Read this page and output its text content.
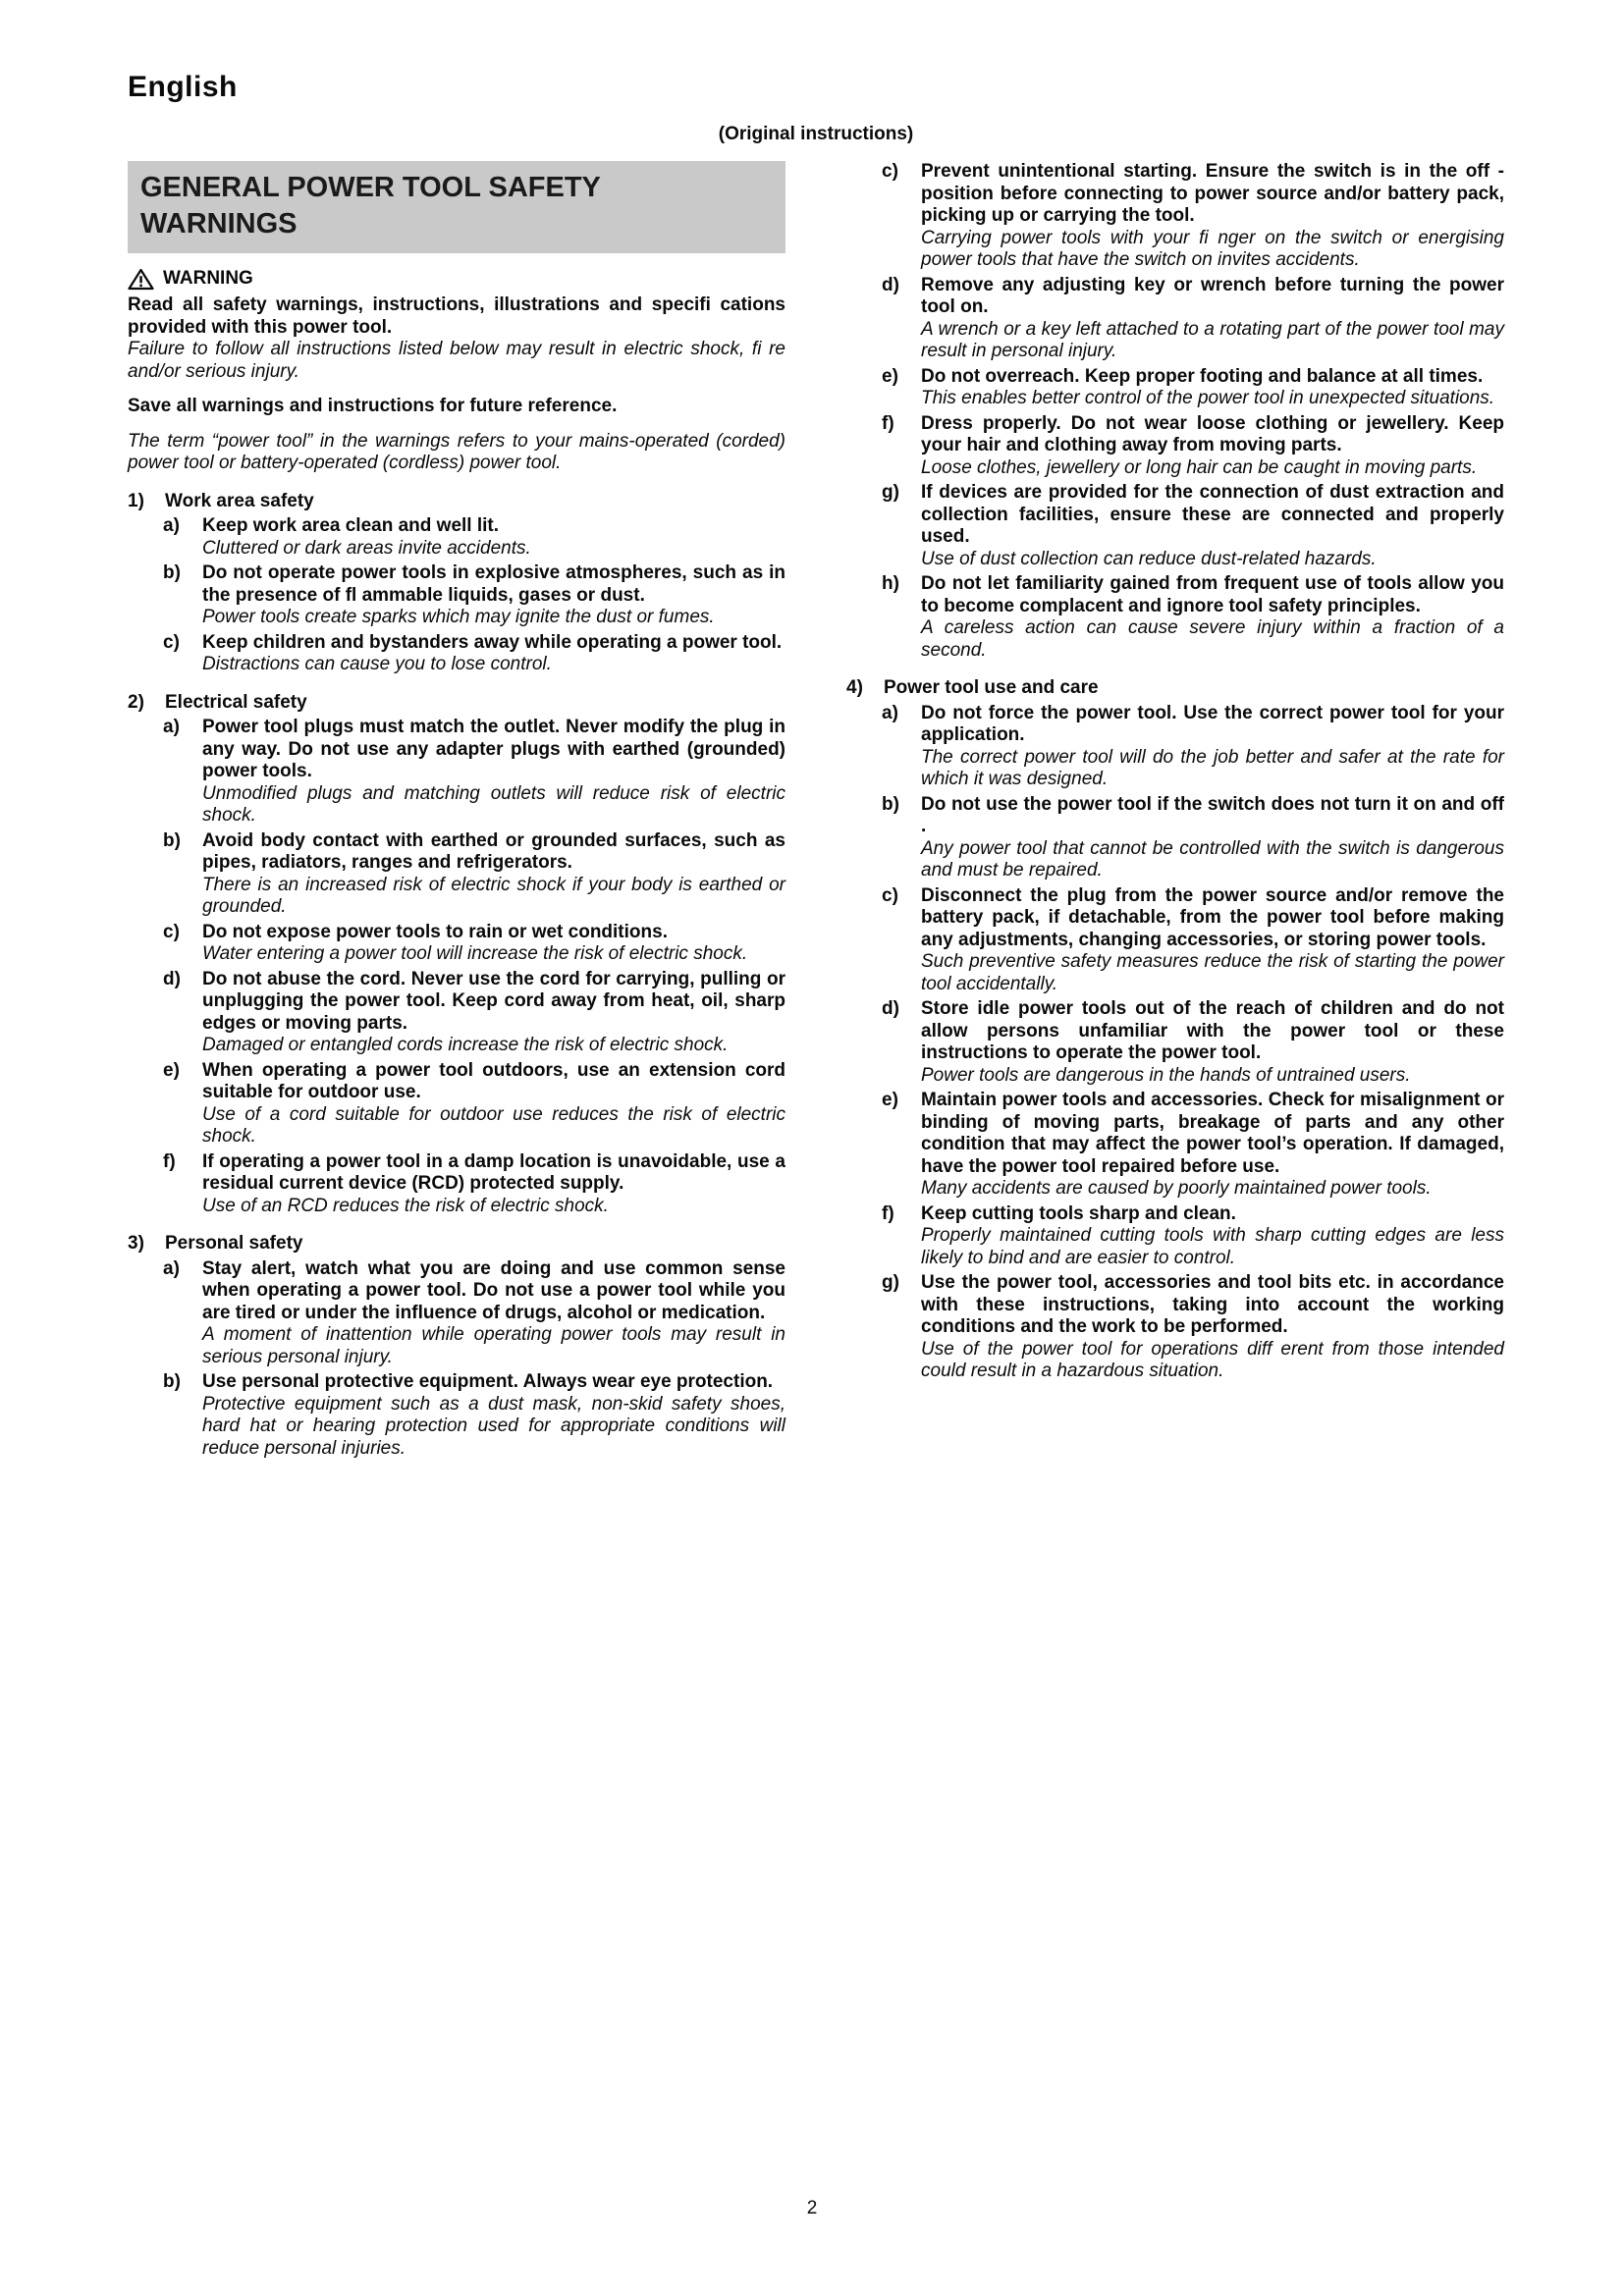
English
(Original instructions)
GENERAL POWER TOOL SAFETY WARNINGS
WARNING
Read all safety warnings, instructions, illustrations and specifi cations provided with this power tool.
Failure to follow all instructions listed below may result in electric shock, fi re and/or serious injury.
Save all warnings and instructions for future reference.
The term “power tool” in the warnings refers to your mains-operated (corded) power tool or battery-operated (cordless) power tool.
1) Work area safety
a) Keep work area clean and well lit.
Cluttered or dark areas invite accidents.
b) Do not operate power tools in explosive atmospheres, such as in the presence of fl ammable liquids, gases or dust.
Power tools create sparks which may ignite the dust or fumes.
c) Keep children and bystanders away while operating a power tool.
Distractions can cause you to lose control.
2) Electrical safety
a) Power tool plugs must match the outlet. Never modify the plug in any way. Do not use any adapter plugs with earthed (grounded) power tools.
Unmodified plugs and matching outlets will reduce risk of electric shock.
b) Avoid body contact with earthed or grounded surfaces, such as pipes, radiators, ranges and refrigerators.
There is an increased risk of electric shock if your body is earthed or grounded.
c) Do not expose power tools to rain or wet conditions.
Water entering a power tool will increase the risk of electric shock.
d) Do not abuse the cord. Never use the cord for carrying, pulling or unplugging the power tool. Keep cord away from heat, oil, sharp edges or moving parts.
Damaged or entangled cords increase the risk of electric shock.
e) When operating a power tool outdoors, use an extension cord suitable for outdoor use.
Use of a cord suitable for outdoor use reduces the risk of electric shock.
f) If operating a power tool in a damp location is unavoidable, use a residual current device (RCD) protected supply.
Use of an RCD reduces the risk of electric shock.
3) Personal safety
a) Stay alert, watch what you are doing and use common sense when operating a power tool. Do not use a power tool while you are tired or under the influence of drugs, alcohol or medication.
A moment of inattention while operating power tools may result in serious personal injury.
b) Use personal protective equipment. Always wear eye protection.
Protective equipment such as a dust mask, non-skid safety shoes, hard hat or hearing protection used for appropriate conditions will reduce personal injuries.
c) Prevent unintentional starting. Ensure the switch is in the off -position before connecting to power source and/or battery pack, picking up or carrying the tool.
Carrying power tools with your fi nger on the switch or energising power tools that have the switch on invites accidents.
d) Remove any adjusting key or wrench before turning the power tool on.
A wrench or a key left attached to a rotating part of the power tool may result in personal injury.
e) Do not overreach. Keep proper footing and balance at all times.
This enables better control of the power tool in unexpected situations.
f) Dress properly. Do not wear loose clothing or jewellery. Keep your hair and clothing away from moving parts.
Loose clothes, jewellery or long hair can be caught in moving parts.
g) If devices are provided for the connection of dust extraction and collection facilities, ensure these are connected and properly used.
Use of dust collection can reduce dust-related hazards.
h) Do not let familiarity gained from frequent use of tools allow you to become complacent and ignore tool safety principles.
A careless action can cause severe injury within a fraction of a second.
4) Power tool use and care
a) Do not force the power tool. Use the correct power tool for your application.
The correct power tool will do the job better and safer at the rate for which it was designed.
b) Do not use the power tool if the switch does not turn it on and off .
Any power tool that cannot be controlled with the switch is dangerous and must be repaired.
c) Disconnect the plug from the power source and/or remove the battery pack, if detachable, from the power tool before making any adjustments, changing accessories, or storing power tools.
Such preventive safety measures reduce the risk of starting the power tool accidentally.
d) Store idle power tools out of the reach of children and do not allow persons unfamiliar with the power tool or these instructions to operate the power tool.
Power tools are dangerous in the hands of untrained users.
e) Maintain power tools and accessories. Check for misalignment or binding of moving parts, breakage of parts and any other condition that may affect the power tool’s operation. If damaged, have the power tool repaired before use.
Many accidents are caused by poorly maintained power tools.
f) Keep cutting tools sharp and clean.
Properly maintained cutting tools with sharp cutting edges are less likely to bind and are easier to control.
g) Use the power tool, accessories and tool bits etc. in accordance with these instructions, taking into account the working conditions and the work to be performed.
Use of the power tool for operations diff erent from those intended could result in a hazardous situation.
2
